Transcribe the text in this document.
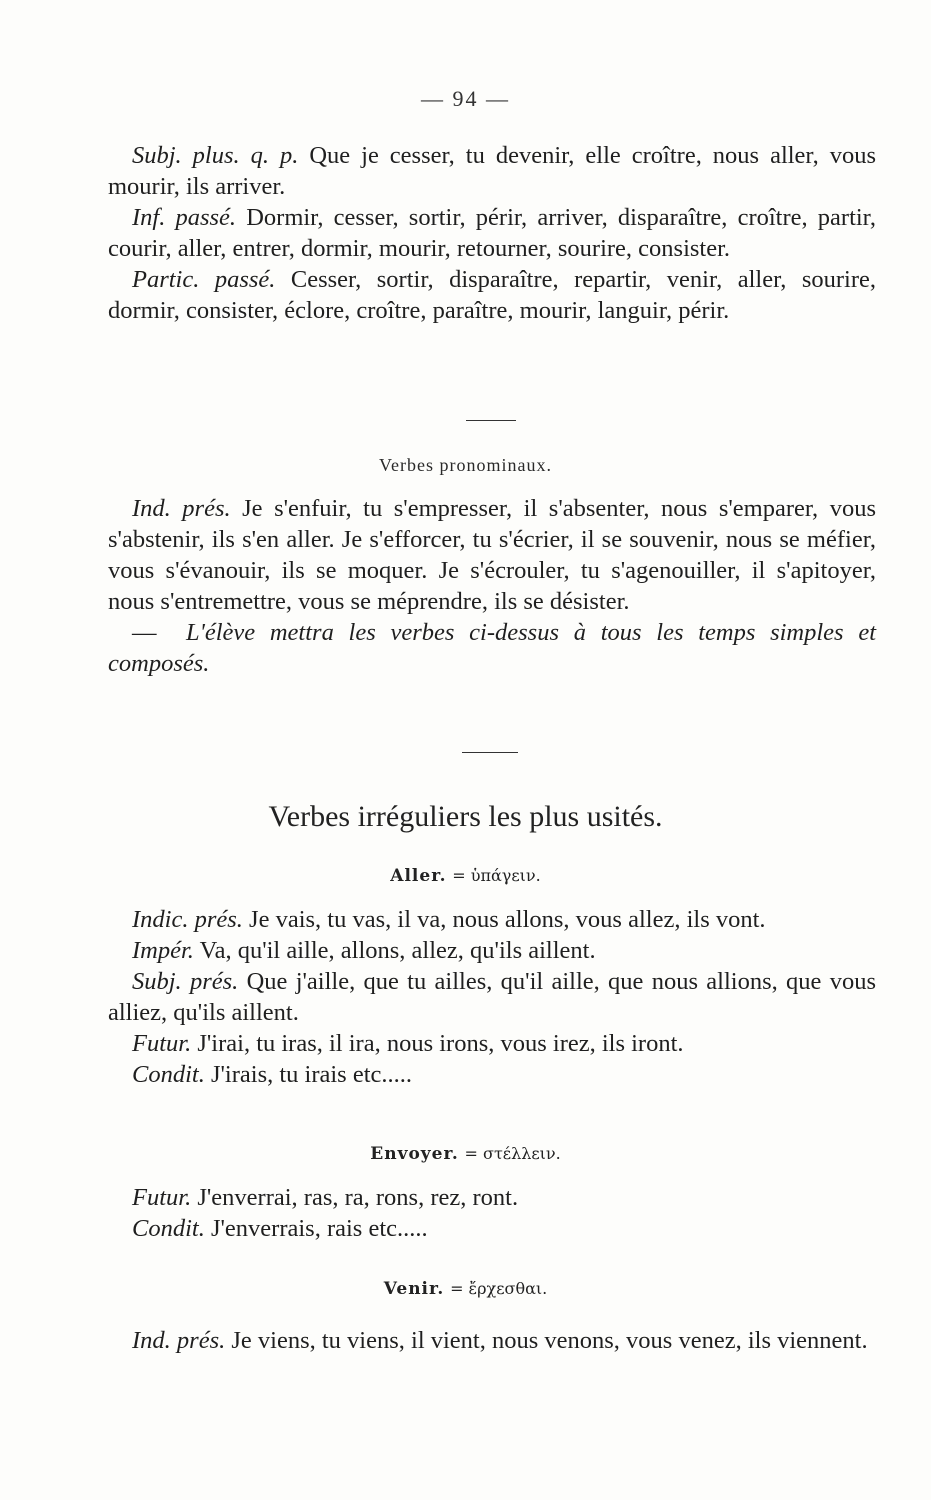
— 94 —

Subj. plus. q. p. Que je cesser, tu devenir, elle croître, nous aller, vous mourir, ils arriver.

Inf. passé. Dormir, cesser, sortir, périr, arriver, disparaître, croître, partir, courir, aller, entrer, dormir, mourir, retourner, sourire, consister.

Partic. passé. Cesser, sortir, disparaître, repartir, venir, aller, sourire, dormir, consister, éclore, croître, paraître, mourir, languir, périr.

Verbes pronominaux.

Ind. prés. Je s'enfuir, tu s'empresser, il s'absenter, nous s'emparer, vous s'abstenir, ils s'en aller. Je s'efforcer, tu s'écrier, il se souvenir, nous se méfier, vous s'évanouir, ils se moquer. Je s'écrouler, tu s'agenouiller, il s'apitoyer, nous s'entremettre, vous se méprendre, ils se désister.

— L'élève mettra les verbes ci-dessus à tous les temps simples et composés.

Verbes irréguliers les plus usités.
Aller. = ὑπάγειν.

Indic. prés. Je vais, tu vas, il va, nous allons, vous allez, ils vont.

Impér. Va, qu'il aille, allons, allez, qu'ils aillent.

Subj. prés. Que j'aille, que tu ailles, qu'il aille, que nous allions, que vous alliez, qu'ils aillent.

Futur. J'irai, tu iras, il ira, nous irons, vous irez, ils iront.

Condit. J'irais, tu irais etc.....

Envoyer. = στέλλειν.

Futur. J'enverrai, ras, ra, rons, rez, ront.

Condit. J'enverrais, rais etc.....

Venir. = ἔρχεσθαι.

Ind. prés. Je viens, tu viens, il vient, nous venons, vous venez, ils viennent.
